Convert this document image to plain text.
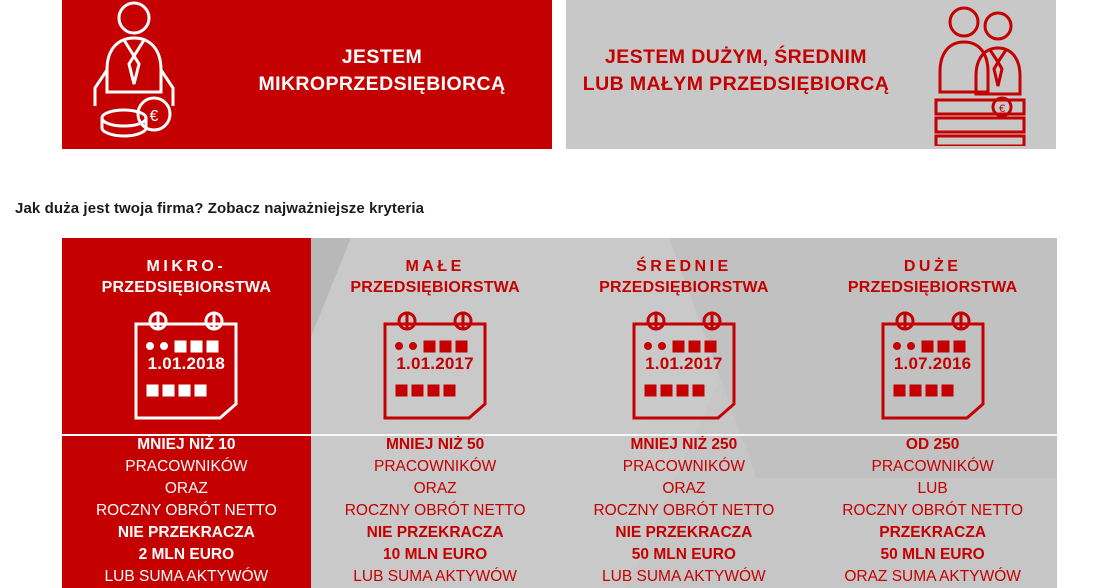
€
JESTEM
MIKROPRZEDSIĘBIORCĄ
JESTEM DUŻYM, ŚREDNIM
LUB MAŁYM PRZEDSIĘBIORCĄ
€
Jak duża jest twoja firma? Zobacz najważniejsze kryteria
MIKRO-
PRZEDSIĘBIORSTWA
1.01.2018
MNIEJ NIŻ 10
PRACOWNIKÓW
ORAZ
ROCZNY OBRÓT NETTO
NIE PRZEKRACZA
2 MLN EURO
LUB SUMA AKTYWÓW
MAŁE
PRZEDSIĘBIORSTWA
1.01.2017
MNIEJ NIŻ 50
PRACOWNIKÓW
ORAZ
ROCZNY OBRÓT NETTO
NIE PRZEKRACZA
10 MLN EURO
LUB SUMA AKTYWÓW
ŚREDNIE
PRZEDSIĘBIORSTWA
1.01.2017
MNIEJ NIŻ 250
PRACOWNIKÓW
ORAZ
ROCZNY OBRÓT NETTO
NIE PRZEKRACZA
50 MLN EURO
LUB SUMA AKTYWÓW
DUŻE
PRZEDSIĘBIORSTWA
1.07.2016
OD 250
PRACOWNIKÓW
LUB
ROCZNY OBRÓT NETTO
PRZEKRACZA
50 MLN EURO
ORAZ SUMA AKTYWÓW
